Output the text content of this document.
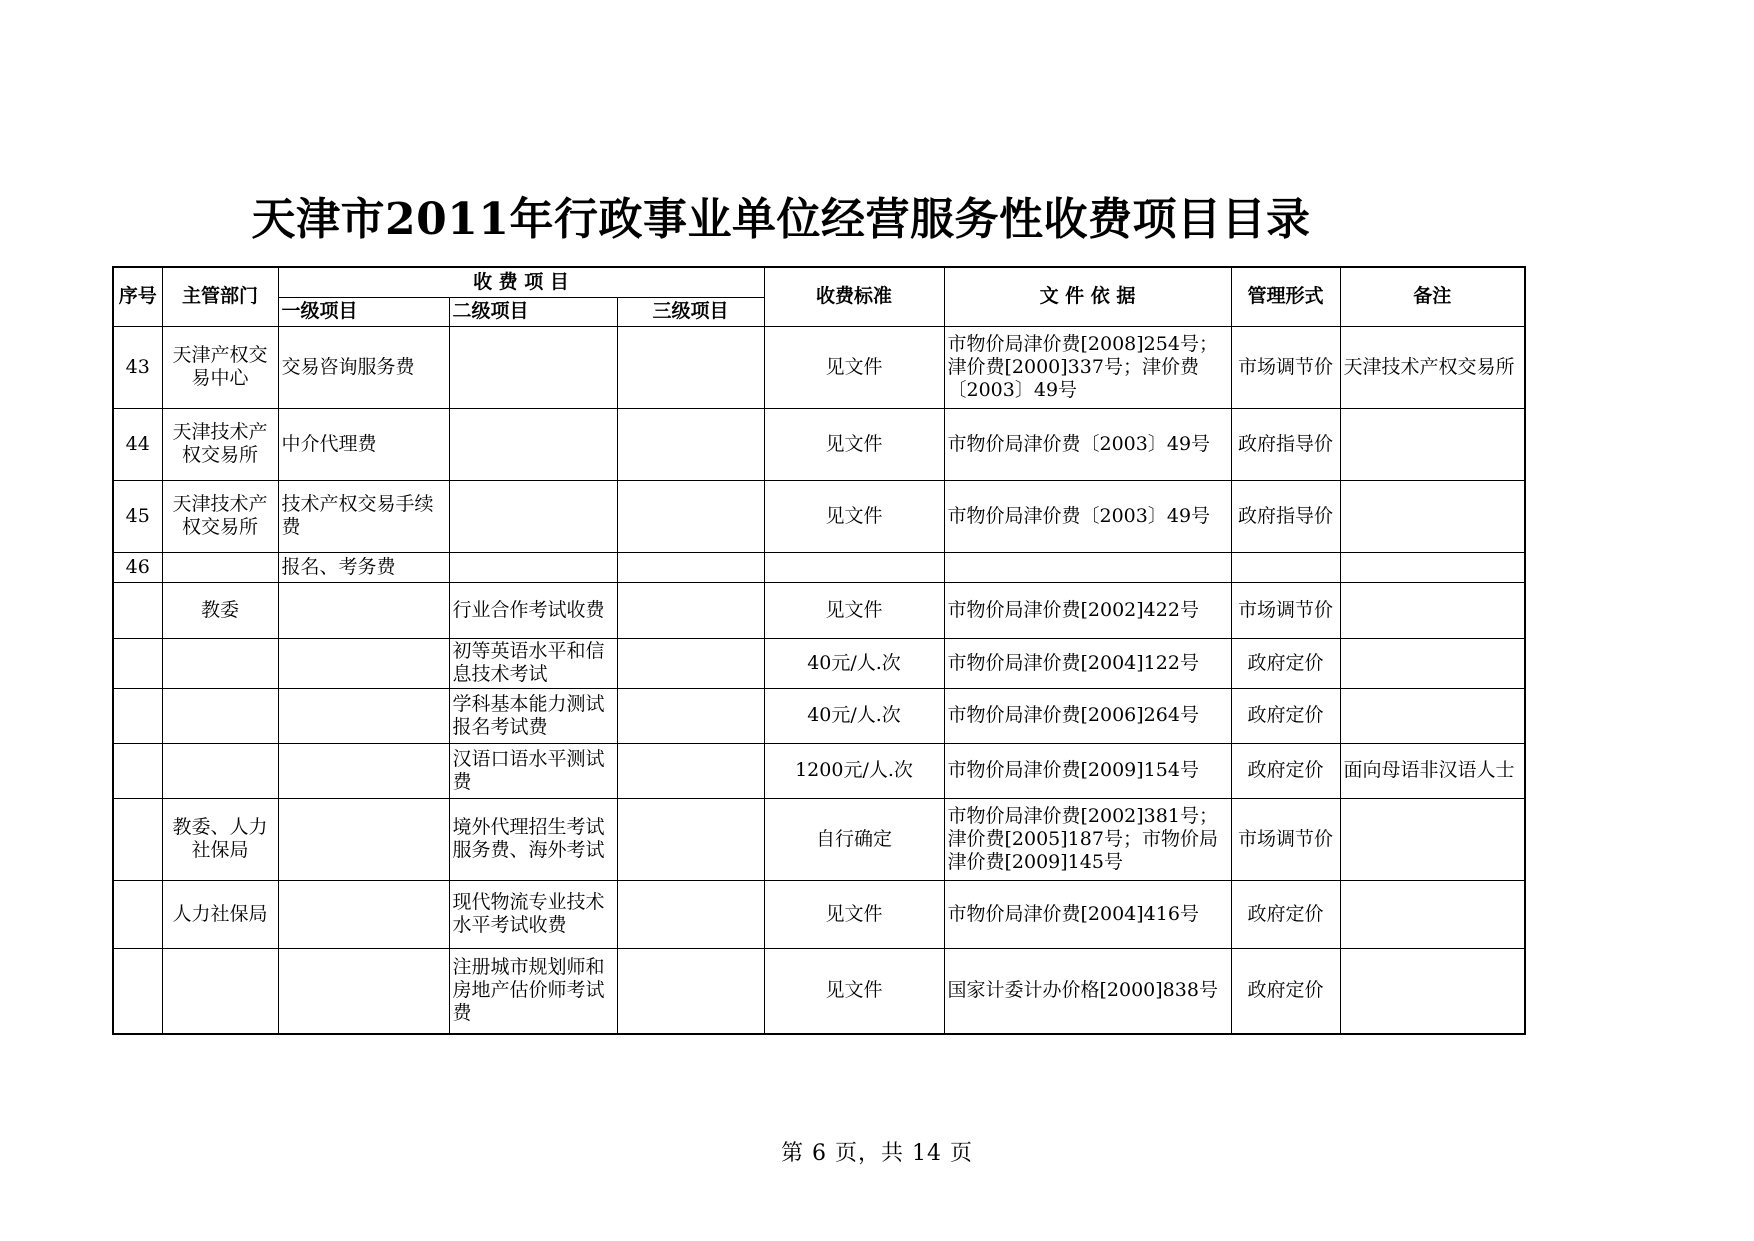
天津市2011年行政事业单位经营服务性收费项目目录
序号	主管部门	收 费 项 目			收费标准	文 件 依 据	管理形式	备注
		一级项目	二级项目	三级项目				
43	天津产权交易中心	交易咨询服务费			见文件	市物价局津价费[2008]254号；津价费[2000]337号；津价费〔2003〕49号	市场调节价	天津技术产权交易所
44	天津技术产权交易所	中介代理费			见文件	市物价局津价费〔2003〕49号	政府指导价	
45	天津技术产权交易所	技术产权交易手续费			见文件	市物价局津价费〔2003〕49号	政府指导价	
46		报名、考务费						
	教委		行业合作考试收费		见文件	市物价局津价费[2002]422号	市场调节价	
			初等英语水平和信息技术考试		40元/人.次	市物价局津价费[2004]122号	政府定价	
			学科基本能力测试报名考试费		40元/人.次	市物价局津价费[2006]264号	政府定价	
			汉语口语水平测试费		1200元/人.次	市物价局津价费[2009]154号	政府定价	面向母语非汉语人士
	教委、人力社保局		境外代理招生考试服务费、海外考试		自行确定	市物价局津价费[2002]381号；津价费[2005]187号；市物价局津价费[2009]145号	市场调节价	
	人力社保局		现代物流专业技术水平考试收费		见文件	市物价局津价费[2004]416号	政府定价	
			注册城市规划师和房地产估价师考试费		见文件	国家计委计办价格[2000]838号	政府定价	
第 6 页，共 14 页
